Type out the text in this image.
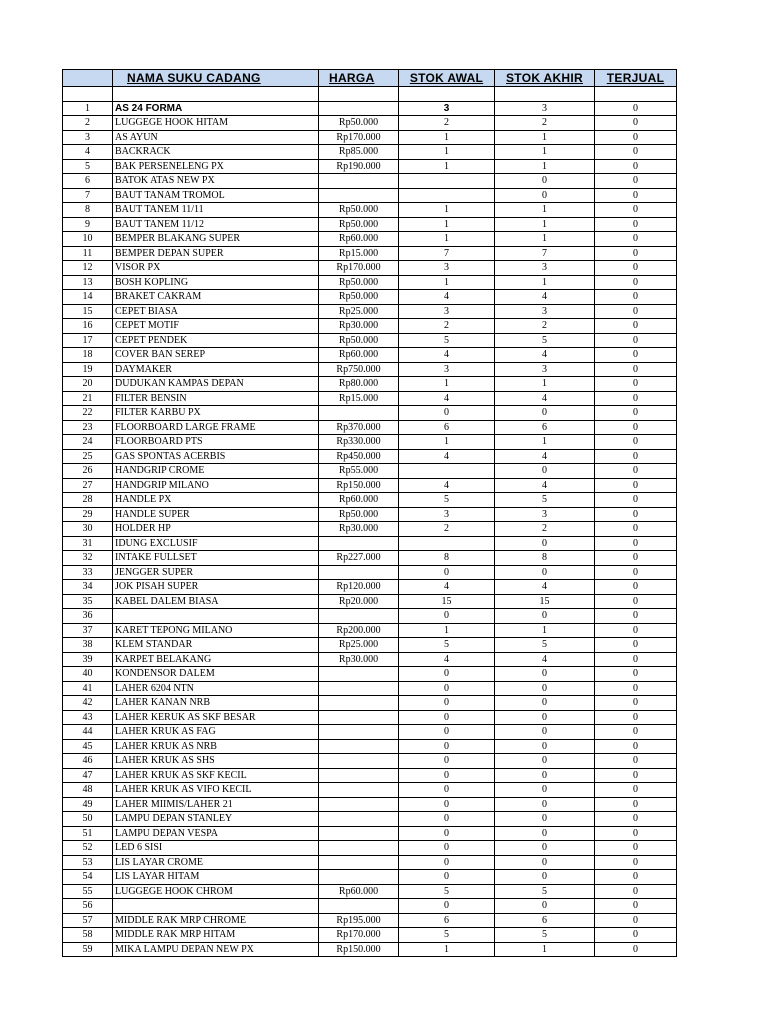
	NAMA SUKU CADANG	HARGA	STOK AWAL	STOK AKHIR	TERJUAL

1	AS 24 FORMA		3	3	0
2	LUGGEGE HOOK HITAM	Rp50.000	2	2	0
3	AS AYUN	Rp170.000	1	1	0
4	BACKRACK	Rp85.000	1	1	0
5	BAK PERSENELENG PX	Rp190.000	1	1	0
6	BATOK ATAS NEW PX			0	0
7	BAUT TANAM TROMOL			0	0
8	BAUT TANEM 11/11	Rp50.000	1	1	0
9	BAUT TANEM 11/12	Rp50.000	1	1	0
10	BEMPER BLAKANG SUPER	Rp60.000	1	1	0
11	BEMPER DEPAN SUPER	Rp15.000	7	7	0
12	VISOR PX	Rp170.000	3	3	0
13	BOSH KOPLING	Rp50.000	1	1	0
14	BRAKET CAKRAM	Rp50.000	4	4	0
15	CEPET BIASA	Rp25.000	3	3	0
16	CEPET MOTIF	Rp30.000	2	2	0
17	CEPET PENDEK	Rp50.000	5	5	0
18	COVER BAN SEREP	Rp60.000	4	4	0
19	DAYMAKER	Rp750.000	3	3	0
20	DUDUKAN KAMPAS DEPAN	Rp80.000	1	1	0
21	FILTER BENSIN	Rp15.000	4	4	0
22	FILTER KARBU PX		0	0	0
23	FLOORBOARD LARGE FRAME	Rp370.000	6	6	0
24	FLOORBOARD PTS	Rp330.000	1	1	0
25	GAS SPONTAS ACERBIS	Rp450.000	4	4	0
26	HANDGRIP CROME	Rp55.000		0	0
27	HANDGRIP MILANO	Rp150.000	4	4	0
28	HANDLE PX	Rp60.000	5	5	0
29	HANDLE SUPER	Rp50.000	3	3	0
30	HOLDER HP	Rp30.000	2	2	0
31	IDUNG EXCLUSIF			0	0
32	INTAKE FULLSET	Rp227.000	8	8	0
33	JENGGER SUPER		0	0	0
34	JOK PISAH SUPER	Rp120.000	4	4	0
35	KABEL DALEM BIASA	Rp20.000	15	15	0
36			0	0	0
37	KARET TEPONG MILANO	Rp200.000	1	1	0
38	KLEM STANDAR	Rp25.000	5	5	0
39	KARPET BELAKANG	Rp30.000	4	4	0
40	KONDENSOR DALEM		0	0	0
41	LAHER 6204 NTN		0	0	0
42	LAHER KANAN NRB		0	0	0
43	LAHER KERUK AS SKF BESAR		0	0	0
44	LAHER KRUK AS FAG		0	0	0
45	LAHER KRUK AS NRB		0	0	0
46	LAHER KRUK AS SHS		0	0	0
47	LAHER KRUK AS SKF KECIL		0	0	0
48	LAHER KRUK AS VIFO KECIL		0	0	0
49	LAHER MIIMIS/LAHER 21		0	0	0
50	LAMPU DEPAN STANLEY		0	0	0
51	LAMPU DEPAN VESPA		0	0	0
52	LED 6 SISI		0	0	0
53	LIS LAYAR CROME		0	0	0
54	LIS LAYAR HITAM		0	0	0
55	LUGGEGE HOOK CHROM	Rp60.000	5	5	0
56			0	0	0
57	MIDDLE RAK MRP CHROME	Rp195.000	6	6	0
58	MIDDLE RAK MRP HITAM	Rp170.000	5	5	0
59	MIKA LAMPU DEPAN NEW PX	Rp150.000	1	1	0
